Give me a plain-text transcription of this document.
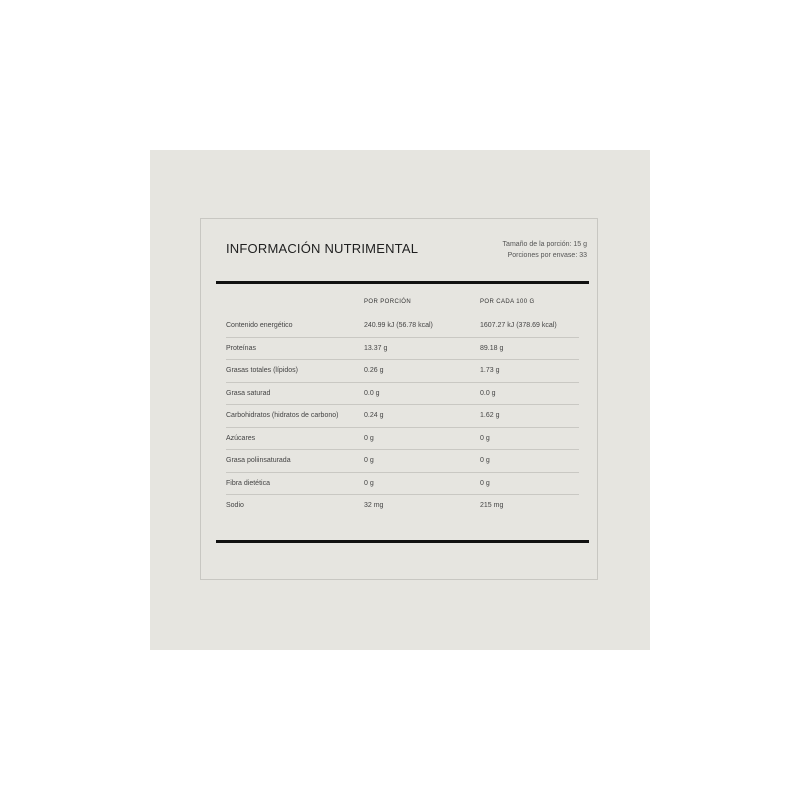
INFORMACIÓN NUTRIMENTAL	Tamaño de la porción: 15 g
Porciones por envase: 33
POR PORCIÓN	POR CADA 100 G
Contenido energético	240.99 kJ (56.78 kcal)	1607.27 kJ (378.69 kcal)
Proteínas	13.37 g	89.18 g
Grasas totales (lípidos)	0.26 g	1.73 g
Grasa saturad	0.0 g	0.0 g
Carbohidratos (hidratos de carbono)	0.24 g	1.62 g
Azúcares	0 g	0 g
Grasa poliinsaturada	0 g	0 g
Fibra dietética	0 g	0 g
Sodio	32 mg	215 mg
